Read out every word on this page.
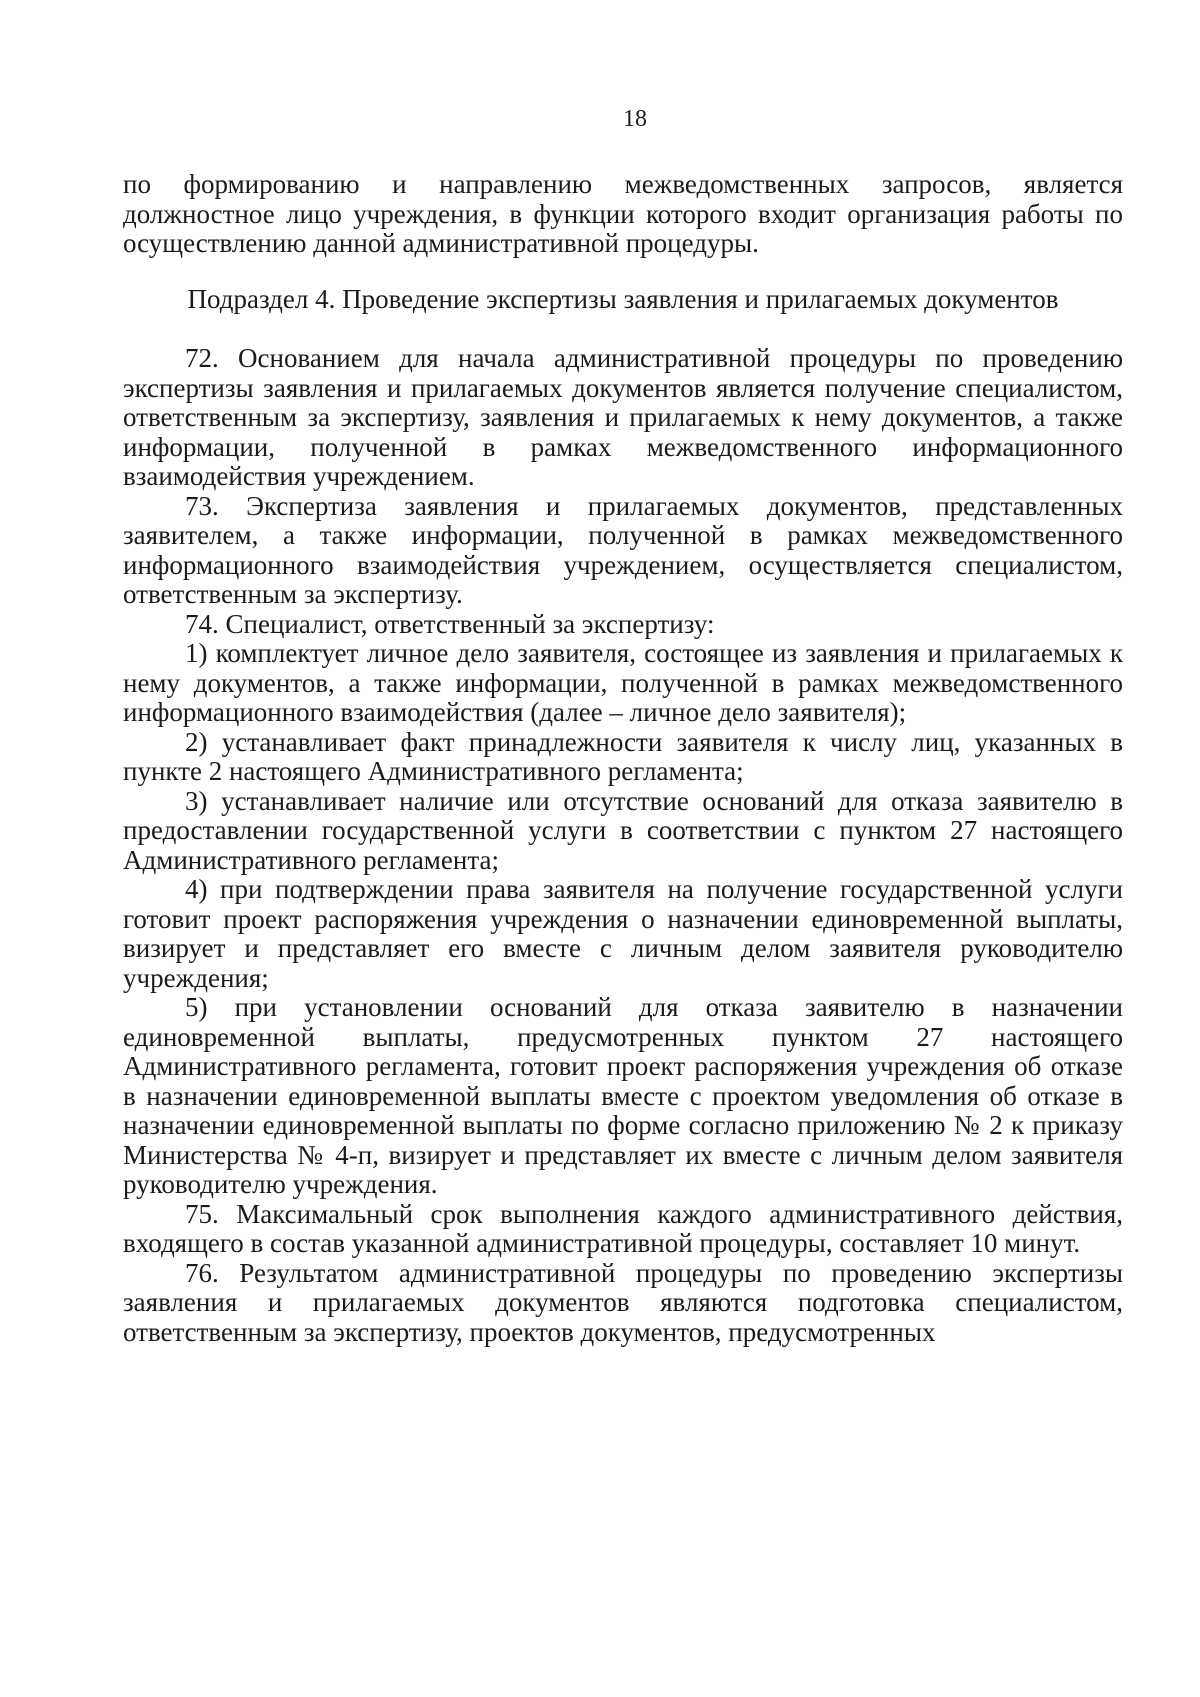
18

по формированию и направлению межведомственных запросов, является должностное лицо учреждения, в функции которого входит организация работы по осуществлению данной административной процедуры.

Подраздел 4. Проведение экспертизы заявления и прилагаемых документов

72. Основанием для начала административной процедуры по проведению экспертизы заявления и прилагаемых документов является получение специалистом, ответственным за экспертизу, заявления и прилагаемых к нему документов, а также информации, полученной в рамках межведомственного информационного взаимодействия учреждением.

73. Экспертиза заявления и прилагаемых документов, представленных заявителем, а также информации, полученной в рамках межведомственного информационного взаимодействия учреждением, осуществляется специалистом, ответственным за экспертизу.

74. Специалист, ответственный за экспертизу:

1) комплектует личное дело заявителя, состоящее из заявления и прилагаемых к нему документов, а также информации, полученной в рамках межведомственного информационного взаимодействия (далее – личное дело заявителя);

2) устанавливает факт принадлежности заявителя к числу лиц, указанных в пункте 2 настоящего Административного регламента;

3) устанавливает наличие или отсутствие оснований для отказа заявителю в предоставлении государственной услуги в соответствии с пунктом 27 настоящего Административного регламента;

4) при подтверждении права заявителя на получение государственной услуги готовит проект распоряжения учреждения о назначении единовременной выплаты, визирует и представляет его вместе с личным делом заявителя руководителю учреждения;

5) при установлении оснований для отказа заявителю в назначении единовременной выплаты, предусмотренных пунктом 27 настоящего Административного регламента, готовит проект распоряжения учреждения об отказе в назначении единовременной выплаты вместе с проектом уведомления об отказе в назначении единовременной выплаты по форме согласно приложению № 2 к приказу Министерства № 4-п, визирует и представляет их вместе с личным делом заявителя руководителю учреждения.

75. Максимальный срок выполнения каждого административного действия, входящего в состав указанной административной процедуры, составляет 10 минут.

76. Результатом административной процедуры по проведению экспертизы заявления и прилагаемых документов являются подготовка специалистом, ответственным за экспертизу, проектов документов, предусмотренных
